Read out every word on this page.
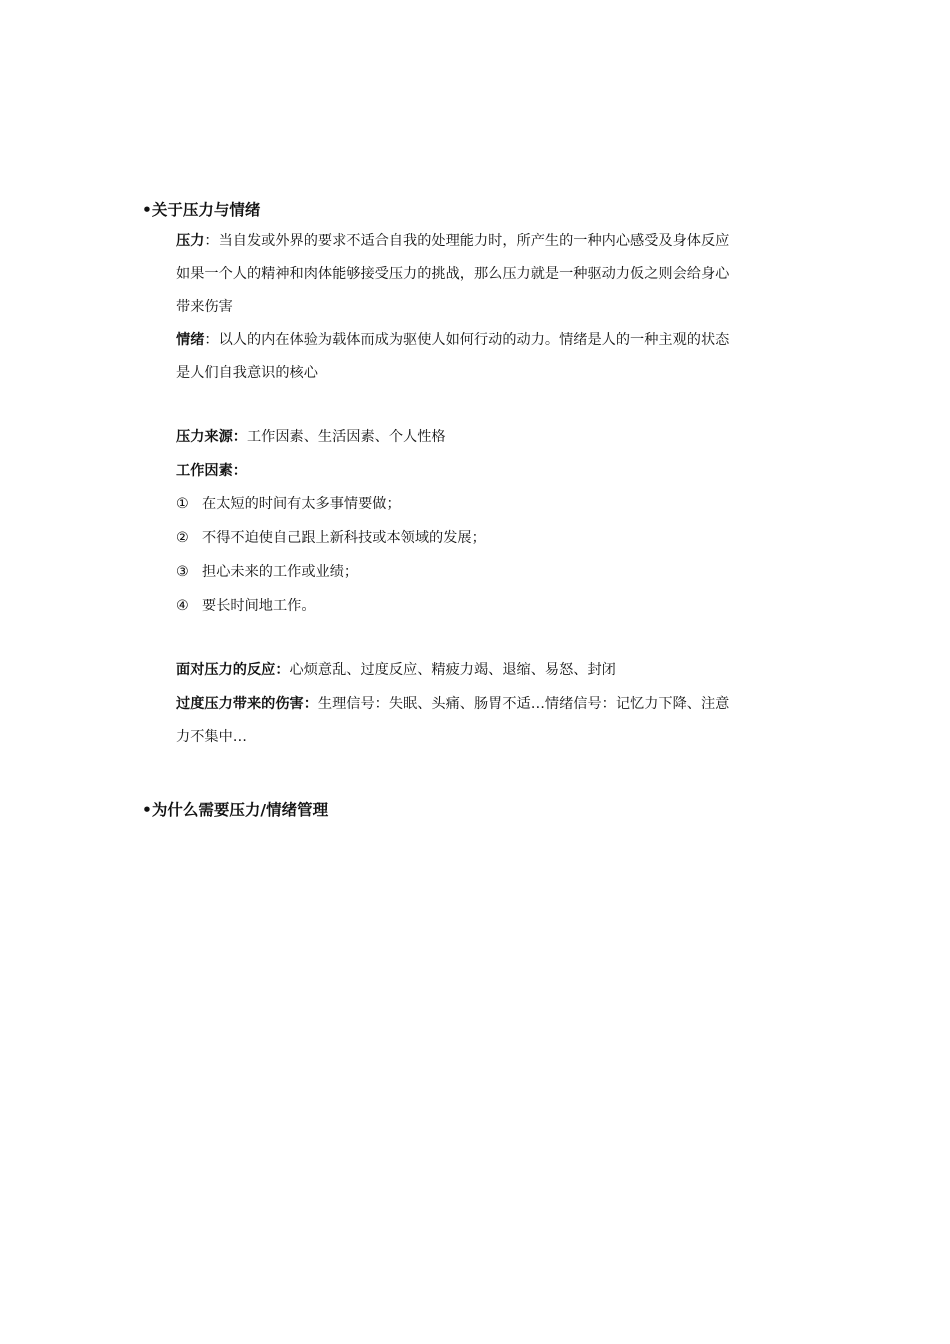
•关于压力与情绪
压力：当自发或外界的要求不适合自我的处理能力时，所产生的一种内心感受及身体反应
如果一个人的精神和肉体能够接受压力的挑战，那么压力就是一种驱动力仮之则会给身心
带来伤害
情绪：以人的内在体验为载体而成为驱使人如何行动的动力。情绪是人的一种主观的状态
是人们自我意识的核心
压力来源：工作因素、生活因素、个人性格
工作因素：
① 在太短的时间有太多事情要做；
② 不得不迫使自己跟上新科技或本领域的发展；
③ 担心未来的工作或业绩；
④ 要长时间地工作。
面对压力的反应：心烦意乱、过度反应、精疲力竭、退缩、易怒、封闭
过度压力带来的伤害：生理信号：失眠、头痛、肠胃不适…情绪信号：记忆力下降、注意
力不集中…
•为什么需要压力/情绪管理
